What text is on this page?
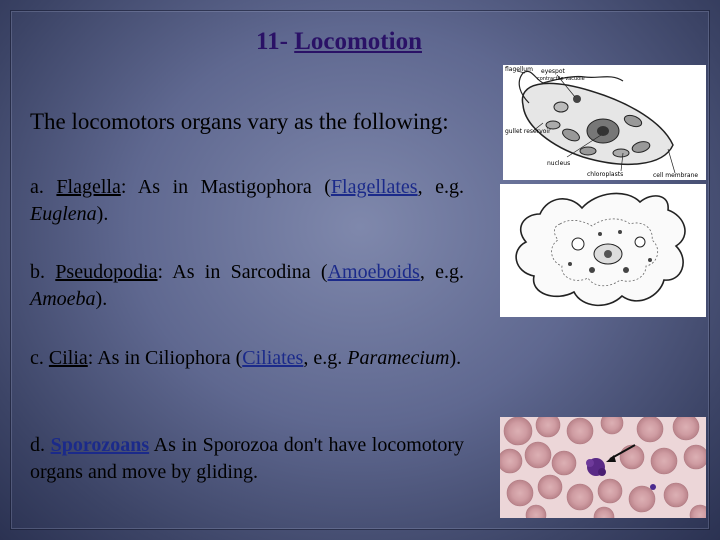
11- Locomotion
The locomotors organs vary as the following:
a. Flagella: As in Mastigophora (Flagellates, e.g. Euglena).
b. Pseudopodia: As in Sarcodina (Amoeboids, e.g. Amoeba).
c. Cilia: As in Ciliophora (Ciliates, e.g. Paramecium).
d. Sporozoans As in Sporozoa don't have locomotory organs and move by gliding.
flagellum eyespot
contractile vacuole
gullet reservoir
nucleus
chloroplasts	cell membrane
